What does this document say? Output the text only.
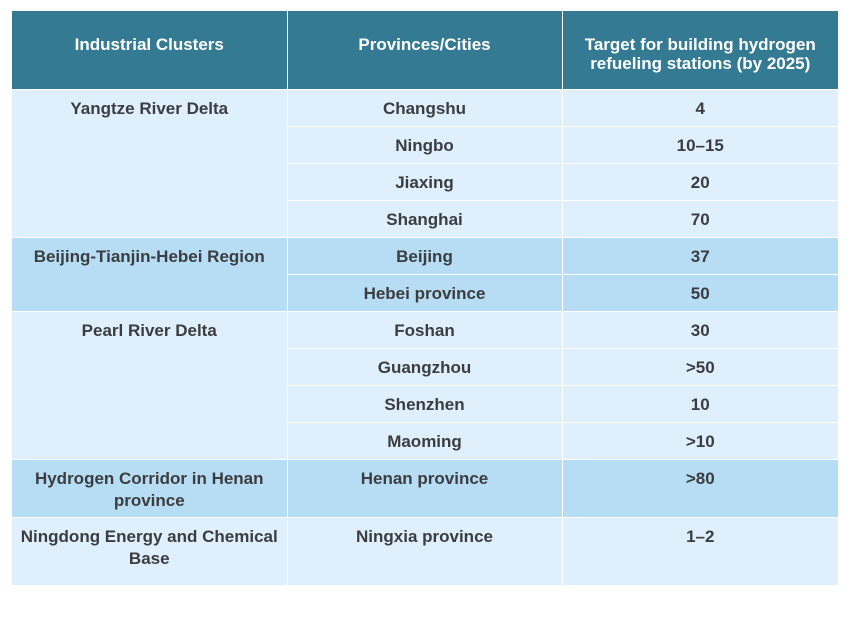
Industrial Clusters	Provinces/Cities	Target for building hydrogen refueling stations (by 2025)
Yangtze River Delta	Changshu	4
	Ningbo	10–15
	Jiaxing	20
	Shanghai	70
Beijing-Tianjin-Hebei Region	Beijing	37
	Hebei province	50
Pearl River Delta	Foshan	30
	Guangzhou	>50
	Shenzhen	10
	Maoming	>10
Hydrogen Corridor in Henan province	Henan province	>80
Ningdong Energy and Chemical Base	Ningxia province	1–2
